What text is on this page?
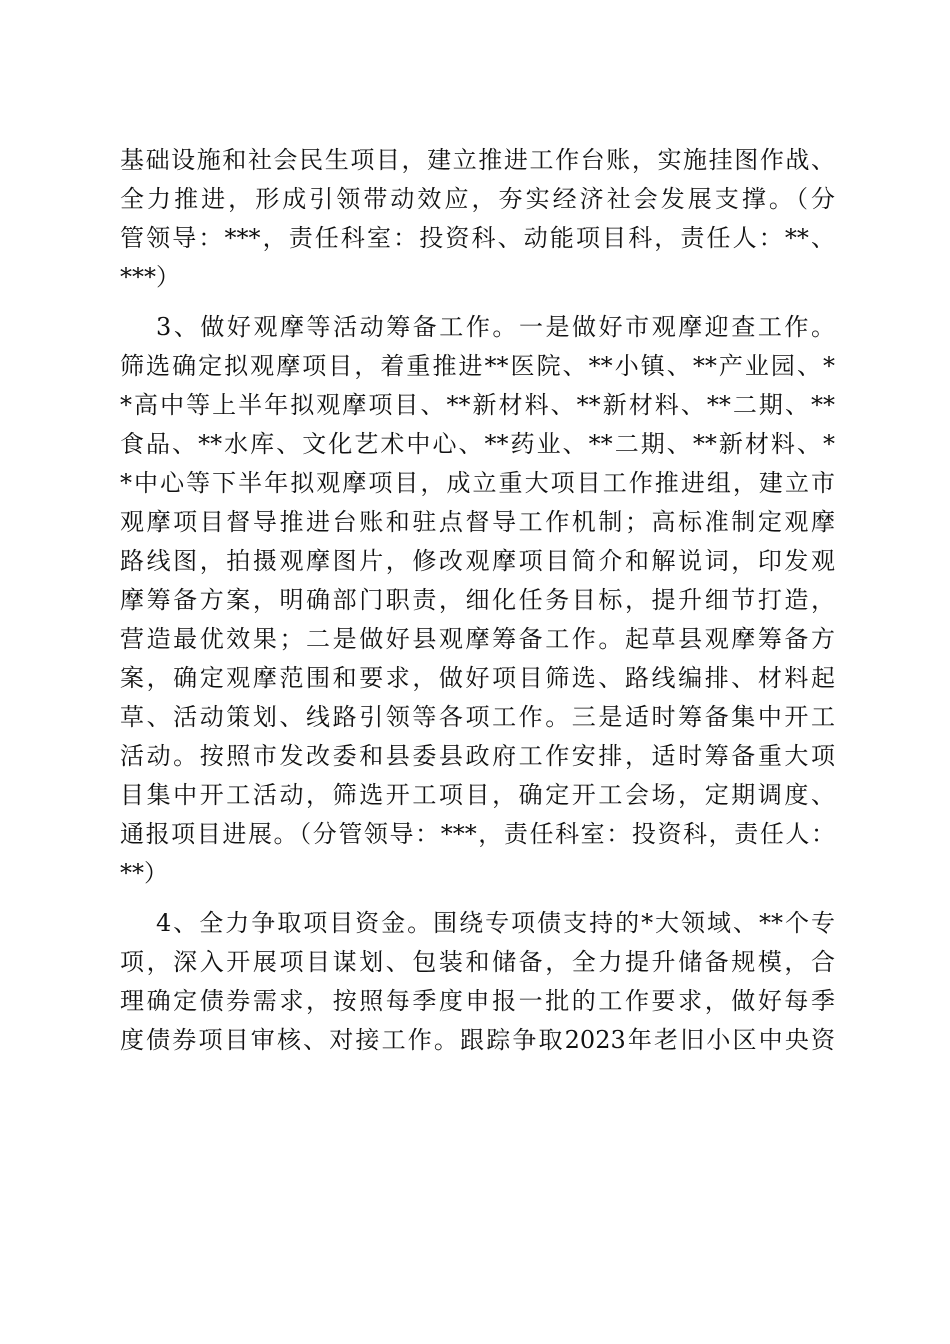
基础设施和社会民生项目，建立推进工作台账，实施挂图作战、
全力推进，形成引领带动效应，夯实经济社会发展支撑。（分
管领导：***，责任科室：投资科、动能项目科，责任人：**、
***）
3、做好观摩等活动筹备工作。一是做好市观摩迎查工作。
筛选确定拟观摩项目，着重推进**医院、**小镇、**产业园、*
*高中等上半年拟观摩项目、**新材料、**新材料、**二期、**
食品、**水库、文化艺术中心、**药业、**二期、**新材料、*
*中心等下半年拟观摩项目，成立重大项目工作推进组，建立市
观摩项目督导推进台账和驻点督导工作机制；高标准制定观摩
路线图，拍摄观摩图片，修改观摩项目简介和解说词，印发观
摩筹备方案，明确部门职责，细化任务目标，提升细节打造，
营造最优效果；二是做好县观摩筹备工作。起草县观摩筹备方
案，确定观摩范围和要求，做好项目筛选、路线编排、材料起
草、活动策划、线路引领等各项工作。三是适时筹备集中开工
活动。按照市发改委和县委县政府工作安排，适时筹备重大项
目集中开工活动，筛选开工项目，确定开工会场，定期调度、
通报项目进展。（分管领导：***，责任科室：投资科，责任人：
**）
4、全力争取项目资金。围绕专项债支持的*大领域、**个专
项，深入开展项目谋划、包装和储备，全力提升储备规模，合
理确定债券需求，按照每季度申报一批的工作要求，做好每季
度债券项目审核、对接工作。跟踪争取2023年老旧小区中央资
